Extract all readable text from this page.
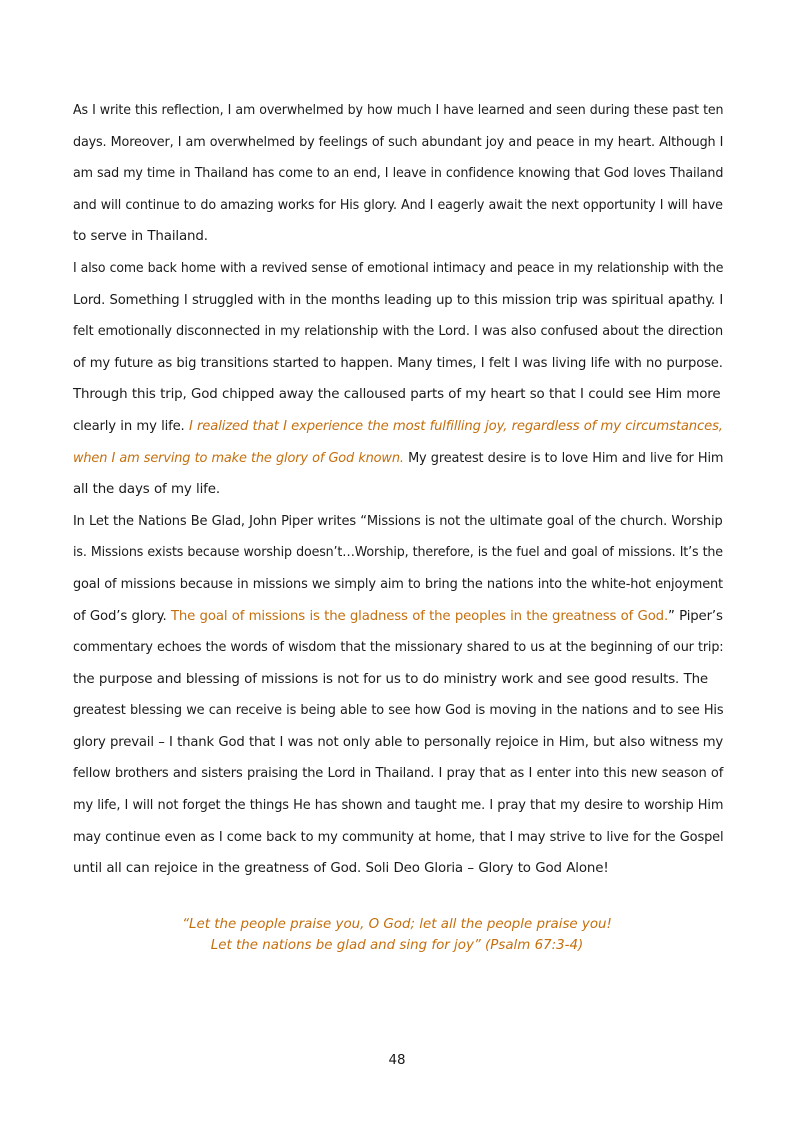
As I write this reflection, I am overwhelmed by how much I have learned and seen during these past ten
days. Moreover, I am overwhelmed by feelings of such abundant joy and peace in my heart. Although I
am sad my time in Thailand has come to an end, I leave in confidence knowing that God loves Thailand
and will continue to do amazing works for His glory. And I eagerly await the next opportunity I will have
to serve in Thailand.
I also come back home with a revived sense of emotional intimacy and peace in my relationship with the
Lord. Something I struggled with in the months leading up to this mission trip was spiritual apathy. I
felt emotionally disconnected in my relationship with the Lord. I was also confused about the direction
of my future as big transitions started to happen. Many times, I felt I was living life with no purpose.
Through this trip, God chipped away the calloused parts of my heart so that I could see Him more
clearly in my life. I realized that I experience the most fulfilling joy, regardless of my circumstances,
when I am serving to make the glory of God known. My greatest desire is to love Him and live for Him
all the days of my life.
In Let the Nations Be Glad, John Piper writes “Missions is not the ultimate goal of the church. Worship
is. Missions exists because worship doesn’t…Worship, therefore, is the fuel and goal of missions. It’s the
goal of missions because in missions we simply aim to bring the nations into the white-hot enjoyment
of God’s glory. The goal of missions is the gladness of the peoples in the greatness of God.” Piper’s
commentary echoes the words of wisdom that the missionary shared to us at the beginning of our trip:
the purpose and blessing of missions is not for us to do ministry work and see good results. The
greatest blessing we can receive is being able to see how God is moving in the nations and to see His
glory prevail – I thank God that I was not only able to personally rejoice in Him, but also witness my
fellow brothers and sisters praising the Lord in Thailand. I pray that as I enter into this new season of
my life, I will not forget the things He has shown and taught me. I pray that my desire to worship Him
may continue even as I come back to my community at home, that I may strive to live for the Gospel
until all can rejoice in the greatness of God. Soli Deo Gloria – Glory to God Alone!
“Let the people praise you, O God; let all the people praise you!
Let the nations be glad and sing for joy” (Psalm 67:3-4)
48
